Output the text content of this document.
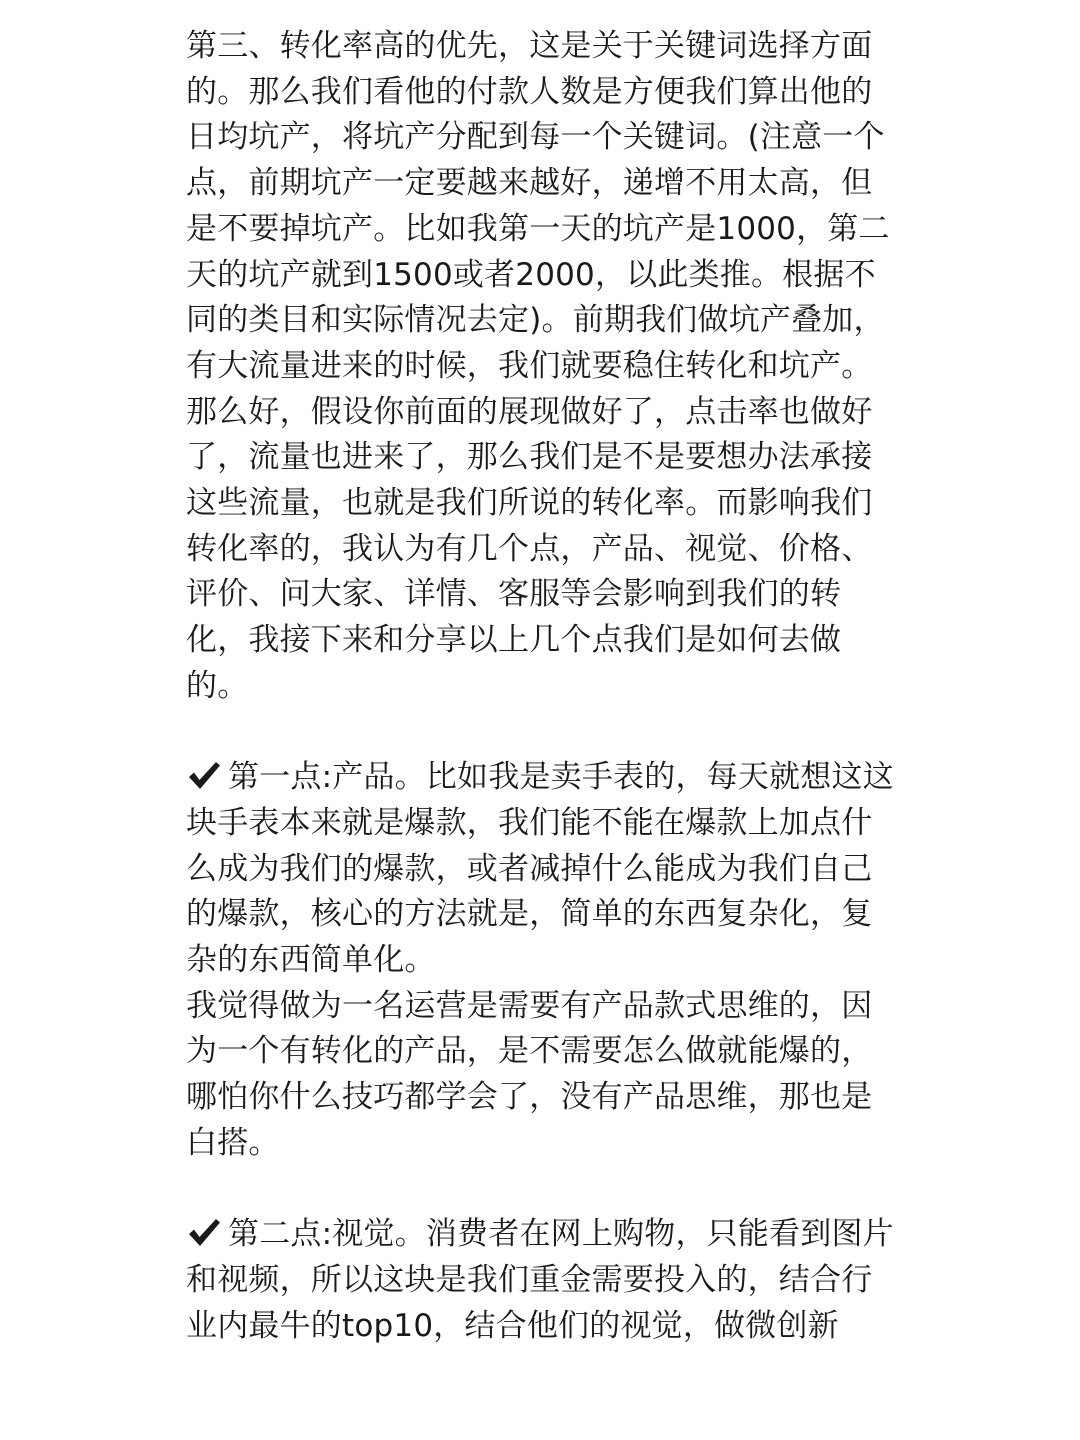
第三、转化率高的优先，这是关于关键词选择方面的。那么我们看他的付款人数是方便我们算出他的日均坑产，将坑产分配到每一个关键词。(注意一个点，前期坑产一定要越来越好，递增不用太高，但是不要掉坑产。比如我第一天的坑产是1000，第二天的坑产就到1500或者2000，以此类推。根据不同的类目和实际情况去定)。前期我们做坑产叠加，有大流量进来的时候，我们就要稳住转化和坑产。

那么好，假设你前面的展现做好了，点击率也做好了，流量也进来了，那么我们是不是要想办法承接这些流量，也就是我们所说的转化率。而影响我们转化率的，我认为有几个点，产品、视觉、价格、评价、问大家、详情、客服等会影响到我们的转化，我接下来和分享以上几个点我们是如何去做的。

第一点:产品。比如我是卖手表的，每天就想这这块手表本来就是爆款，我们能不能在爆款上加点什么成为我们的爆款，或者减掉什么能成为我们自己的爆款，核心的方法就是，简单的东西复杂化，复杂的东西简单化。

我觉得做为一名运营是需要有产品款式思维的，因为一个有转化的产品，是不需要怎么做就能爆的，哪怕你什么技巧都学会了，没有产品思维，那也是白搭。

第二点:视觉。消费者在网上购物，只能看到图片和视频，所以这块是我们重金需要投入的，结合行业内最牛的top10，结合他们的视觉，做微创新
